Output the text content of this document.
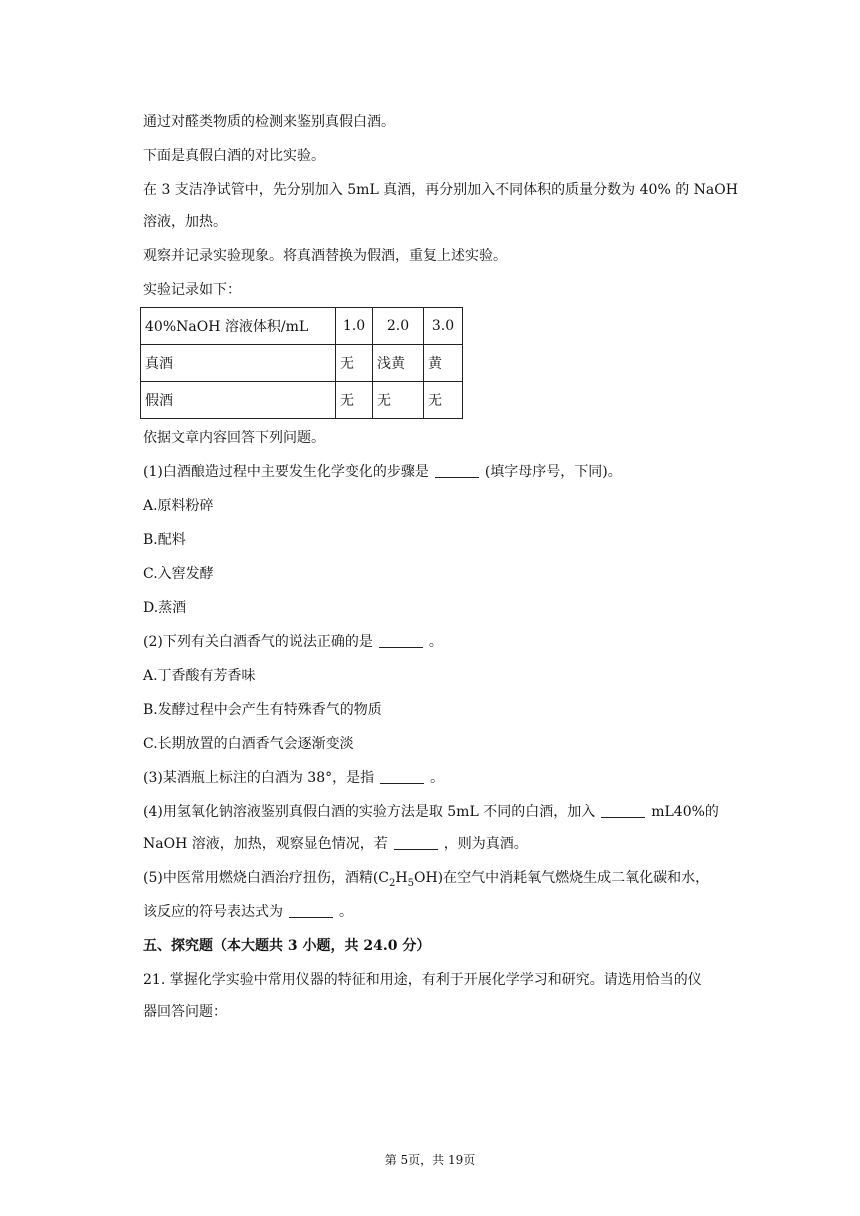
通过对醛类物质的检测来鉴别真假白酒。
下面是真假白酒的对比实验。
在 3 支洁净试管中，先分别加入 5mL 真酒，再分别加入不同体积的质量分数为 40% 的 NaOH
溶液，加热。
观察并记录实验现象。将真酒替换为假酒，重复上述实验。
实验记录如下：
40%NaOH 溶液体积/mL	1.0	2.0	3.0
真酒	无	浅黄	黄
假酒	无	无	无
依据文章内容回答下列问题。
(1)白酒酿造过程中主要发生化学变化的步骤是	(填字母序号，下同)。
A.原料粉碎
B.配料
C.入窖发酵
D.蒸酒
(2)下列有关白酒香气的说法正确的是	。
A.丁香酸有芳香味
B.发酵过程中会产生有特殊香气的物质
C.长期放置的白酒香气会逐渐变淡
(3)某酒瓶上标注的白酒为 38°，是指	。
(4)用氢氧化钠溶液鉴别真假白酒的实验方法是取 5mL 不同的白酒，加入	mL40%的
NaOH 溶液，加热，观察显色情况，若	，则为真酒。
(5)中医常用燃烧白酒治疗扭伤，酒精$(C_2H_5OH)$在空气中消耗氧气燃烧生成二氧化碳和水，
该反应的符号表达式为	。
五、探究题（本大题共 3 小题，共 24.0 分）
21. 掌握化学实验中常用仪器的特征和用途，有利于开展化学学习和研究。请选用恰当的仪
器回答问题：
第 5页，共 19页
